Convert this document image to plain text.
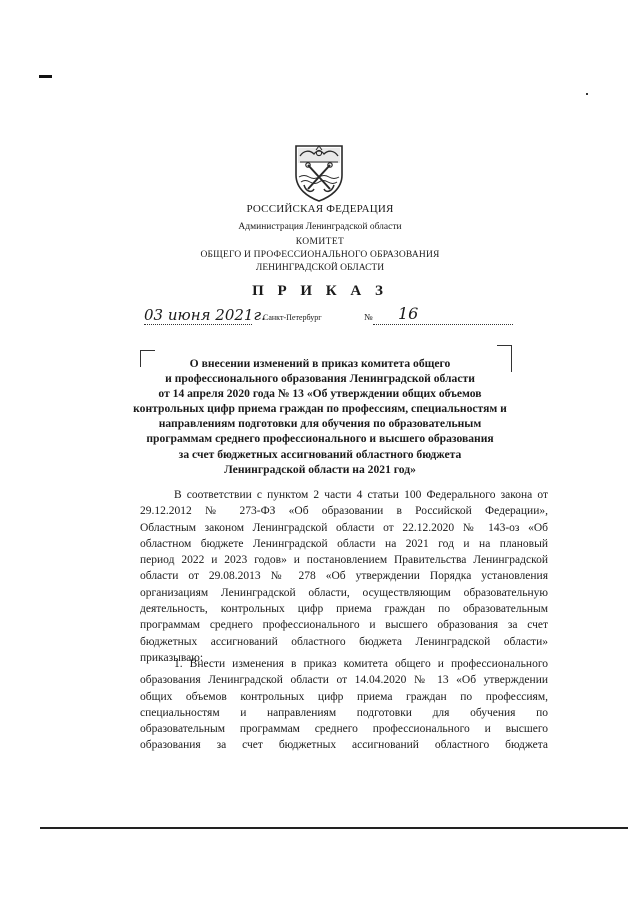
РОССИЙСКАЯ ФЕДЕРАЦИЯ
Администрация Ленинградской области
КОМИТЕТ
ОБЩЕГО И ПРОФЕССИОНАЛЬНОГО ОБРАЗОВАНИЯ
ЛЕНИНГРАДСКОЙ ОБЛАСТИ
П Р И К А З
03 июня 2021г.
Санкт-Петербург	№ 16
О внесении изменений в приказ комитета общего
и профессионального образования Ленинградской области
от 14 апреля 2020 года № 13 «Об утверждении общих объемов
контрольных цифр приема граждан по профессиям, специальностям и
направлениям подготовки для обучения по образовательным
программам среднего профессионального и высшего образования
за счет бюджетных ассигнований областного бюджета
Ленинградской области на 2021 год»
В соответствии с пунктом 2 части 4 статьи 100 Федерального закона от
29.12.2012 № 273-ФЗ «Об образовании в Российской Федерации»,
Областным законом Ленинградской области от 22.12.2020 № 143-оз «Об
областном бюджете Ленинградской области на 2021 год и на плановый
период 2022 и 2023 годов» и постановлением Правительства Ленинградской
области от 29.08.2013 № 278 «Об утверждении Порядка установления
организациям Ленинградской области, осуществляющим образовательную
деятельность, контрольных цифр приема граждан по образовательным
программам среднего профессионального и высшего образования за счет
бюджетных ассигнований областного бюджета Ленинградской области»
приказываю:
1. Внести изменения в приказ комитета общего и профессионального
образования Ленинградской области от 14.04.2020 № 13 «Об утверждении
общих объемов контрольных цифр приема граждан по профессиям,
специальностям и направлениям подготовки для обучения по
образовательным программам среднего профессионального и высшего
образования за счет бюджетных ассигнований областного бюджета
